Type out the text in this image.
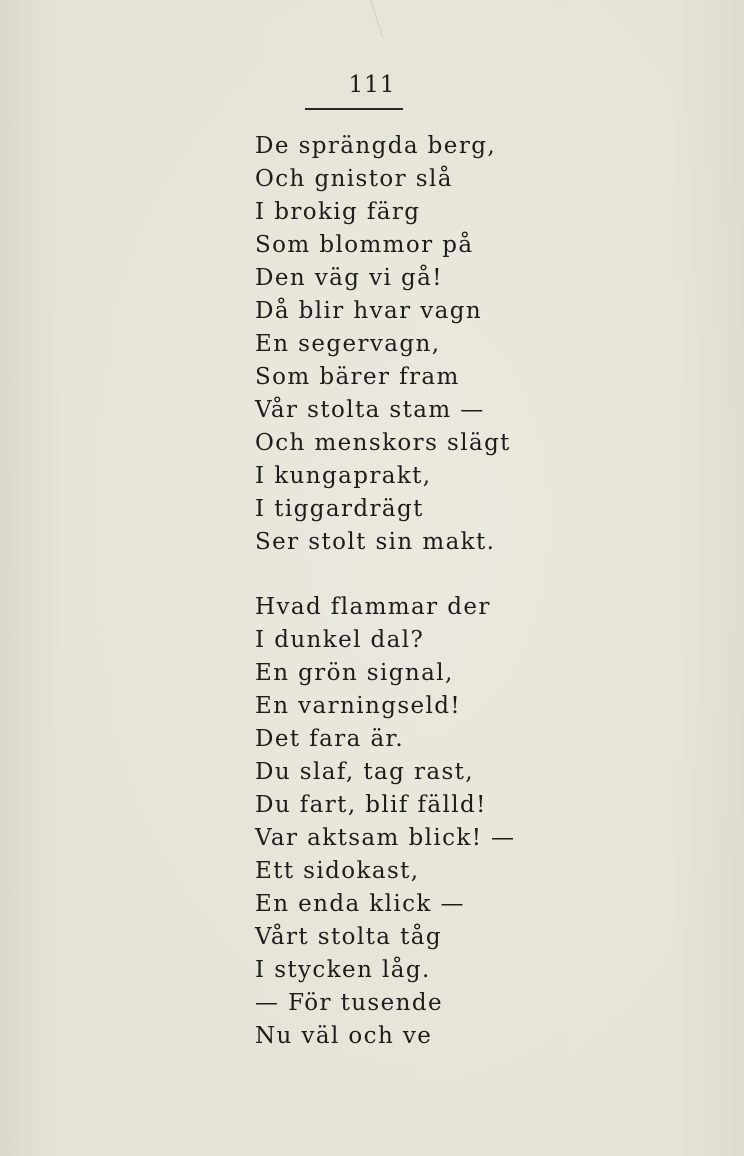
111
De sprängda berg,
Och gnistor slå
I brokig färg
Som blommor på
Den väg vi gå!
Då blir hvar vagn
En segervagn,
Som bärer fram
Vår stolta stam —
Och menskors slägt
I kungaprakt,
I tiggardrägt
Ser stolt sin makt.
Hvad flammar der
I dunkel dal?
En grön signal,
En varningseld!
Det fara är.
Du slaf, tag rast,
Du fart, blif fälld!
Var aktsam blick! —
Ett sidokast,
En enda klick —
Vårt stolta tåg
I stycken låg.
— För tusende
Nu väl och ve
